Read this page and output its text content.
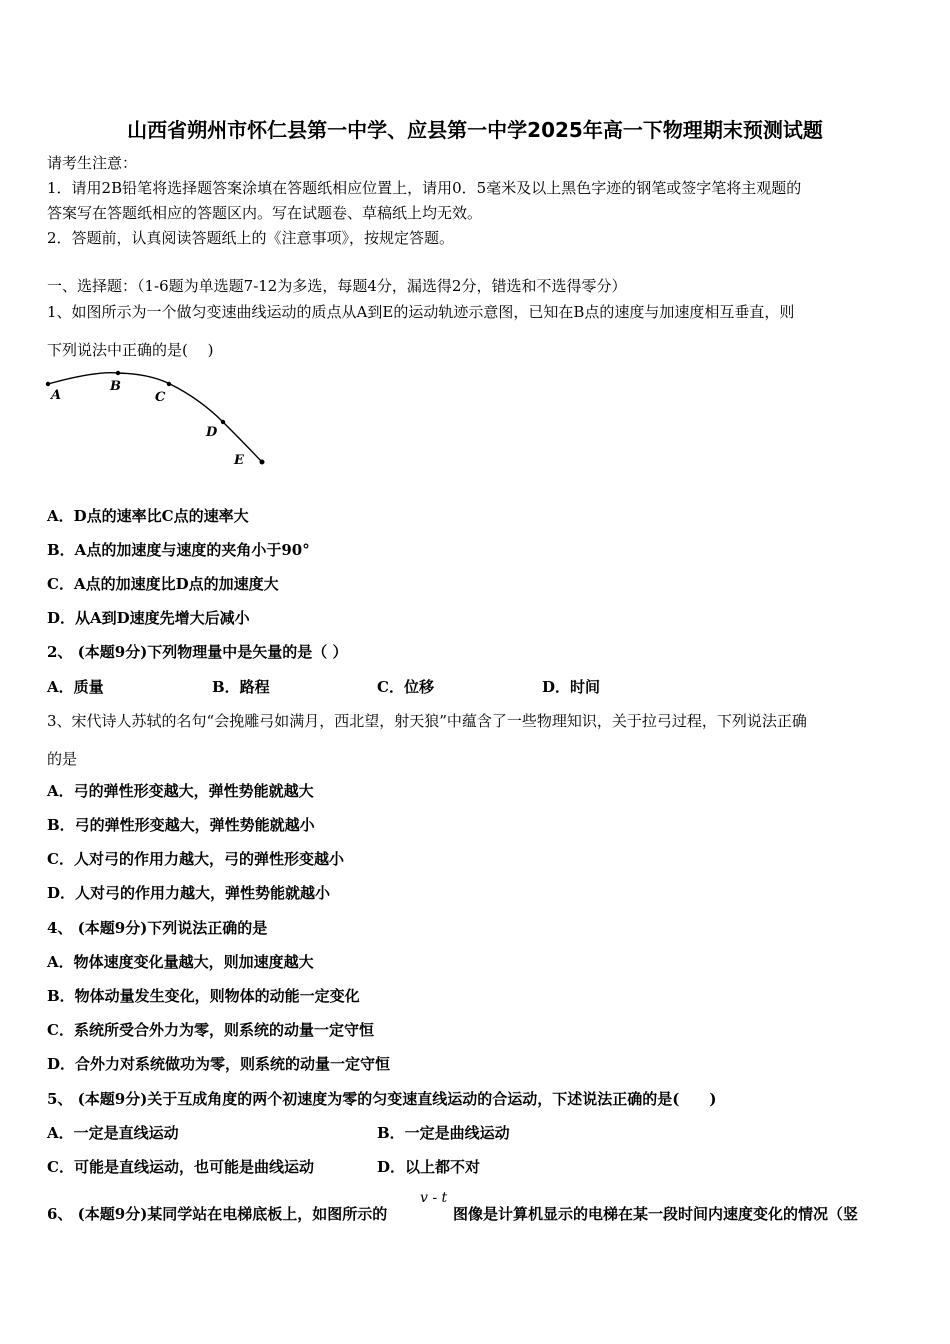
山西省朔州市怀仁县第一中学、应县第一中学2025年高一下物理期末预测试题
请考生注意：
1．请用2B铅笔将选择题答案涂填在答题纸相应位置上，请用0．5毫米及以上黑色字迹的钢笔或签字笔将主观题的
答案写在答题纸相应的答题区内。写在试题卷、草稿纸上均无效。
2．答题前，认真阅读答题纸上的《注意事项》，按规定答题。
一、选择题：（1-6题为单选题7-12为多选，每题4分，漏选得2分，错选和不选得零分）
1、如图所示为一个做匀变速曲线运动的质点从A到E的运动轨迹示意图，已知在B点的速度与加速度相互垂直，则
下列说法中正确的是(　 )
A
B
C
D
E
A．D点的速率比C点的速率大
B．A点的加速度与速度的夹角小于90°
C．A点的加速度比D点的加速度大
D．从A到D速度先增大后减小
2、 (本题9分)下列物理量中是矢量的是（ ）
A．质量	B．路程	C．位移	D．时间
3、宋代诗人苏轼的名句“会挽雕弓如满月，西北望，射天狼”中蕴含了一些物理知识，关于拉弓过程，下列说法正确
的是
A．弓的弹性形变越大，弹性势能就越大
B．弓的弹性形变越大，弹性势能就越小
C．人对弓的作用力越大，弓的弹性形变越小
D．人对弓的作用力越大，弹性势能就越小
4、 (本题9分)下列说法正确的是
A．物体速度变化量越大，则加速度越大
B．物体动量发生变化，则物体的动能一定变化
C．系统所受合外力为零，则系统的动量一定守恒
D．合外力对系统做功为零，则系统的动量一定守恒
5、 (本题9分)关于互成角度的两个初速度为零的匀变速直线运动的合运动，下述说法正确的是(　　)
A．一定是直线运动	B．一定是曲线运动
C．可能是直线运动，也可能是曲线运动	D．以上都不对
6、 (本题9分)某同学站在电梯底板上，如图所示的
v - t
图像是计算机显示的电梯在某一段时间内速度变化的情况（竖
